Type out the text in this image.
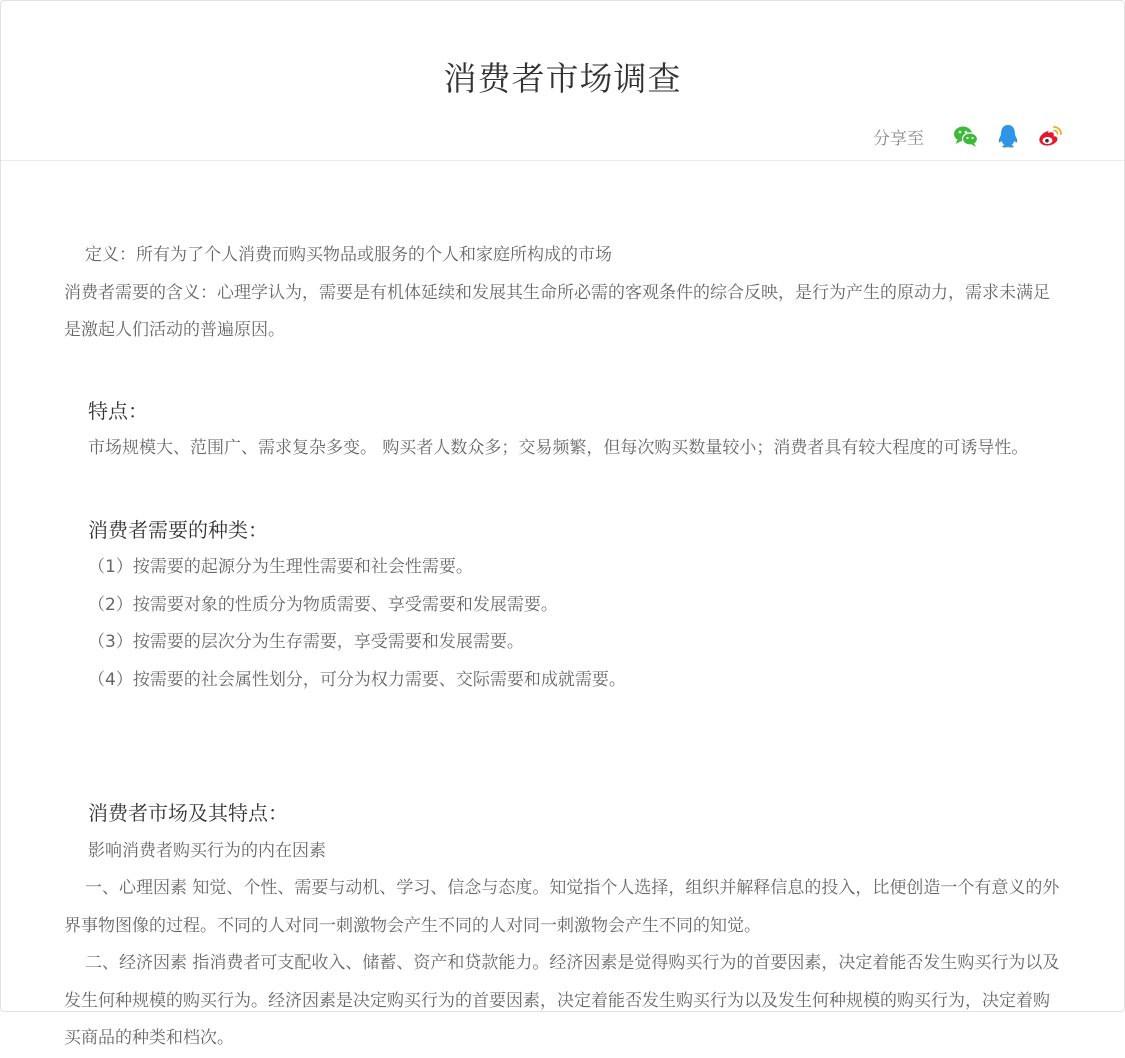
消费者市场调查
分享至

定义：所有为了个人消费而购买物品或服务的个人和家庭所构成的市场

消费者需要的含义：心理学认为，需要是有机体延续和发展其生命所必需的客观条件的综合反映，是行为产生的原动力，需求未满足是激起人们活动的普遍原因。

特点：

市场规模大、范围广、需求复杂多变。 购买者人数众多；交易频繁，但每次购买数量较小；消费者具有较大程度的可诱导性。

消费者需要的种类：

（1）按需要的起源分为生理性需要和社会性需要。

（2）按需要对象的性质分为物质需要、享受需要和发展需要。

（3）按需要的层次分为生存需要，享受需要和发展需要。

（4）按需要的社会属性划分，可分为权力需要、交际需要和成就需要。

消费者市场及其特点：

影响消费者购买行为的内在因素

一、心理因素 知觉、个性、需要与动机、学习、信念与态度。知觉指个人选择，组织并解释信息的投入，比便创造一个有意义的外界事物图像的过程。不同的人对同一刺激物会产生不同的人对同一刺激物会产生不同的知觉。

二、经济因素 指消费者可支配收入、储蓄、资产和贷款能力。经济因素是觉得购买行为的首要因素，决定着能否发生购买行为以及发生何种规模的购买行为。经济因素是决定购买行为的首要因素，决定着能否发生购买行为以及发生何种规模的购买行为，决定着购买商品的种类和档次。
